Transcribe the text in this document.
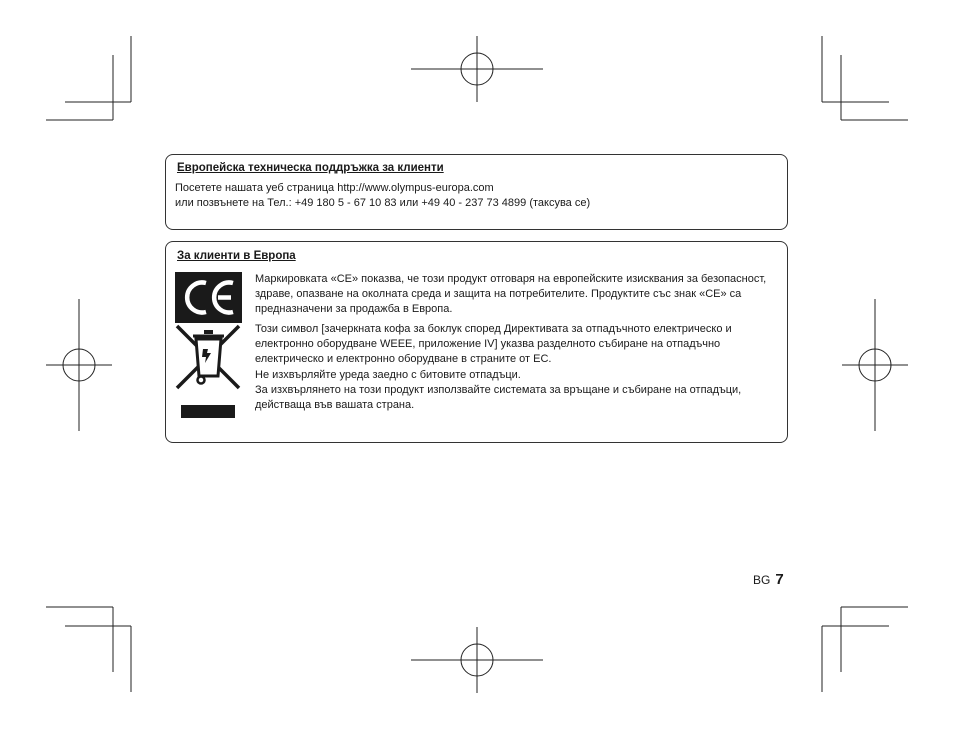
Европейска техническа поддръжка за клиенти
Посетете нашата уеб страница http://www.olympus-europa.com
или позвънете на Тел.: +49 180 5 - 67 10 83 или +49 40 - 237 73 4899 (таксува се)
За клиенти в Европа
Маркировката «CE» показва, че този продукт отговаря на европейските изисквания за безопасност, здраве, опазване на околната среда и защита на потребителите. Продуктите със знак «CE» са предназначени за продажба в Европа.
Този символ [зачеркната кофа за боклук според Директивата за отпадъчното електрическо и електронно оборудване WEEE, приложение IV] указва разделното събиране на отпадъчно електрическо и електронно оборудване в страните от ЕС.
Не изхвърляйте уреда заедно с битовите отпадъци.
За изхвърлянето на този продукт използвайте системата за връщане и събиране на отпадъци, действаща във вашата страна.
BG 7
